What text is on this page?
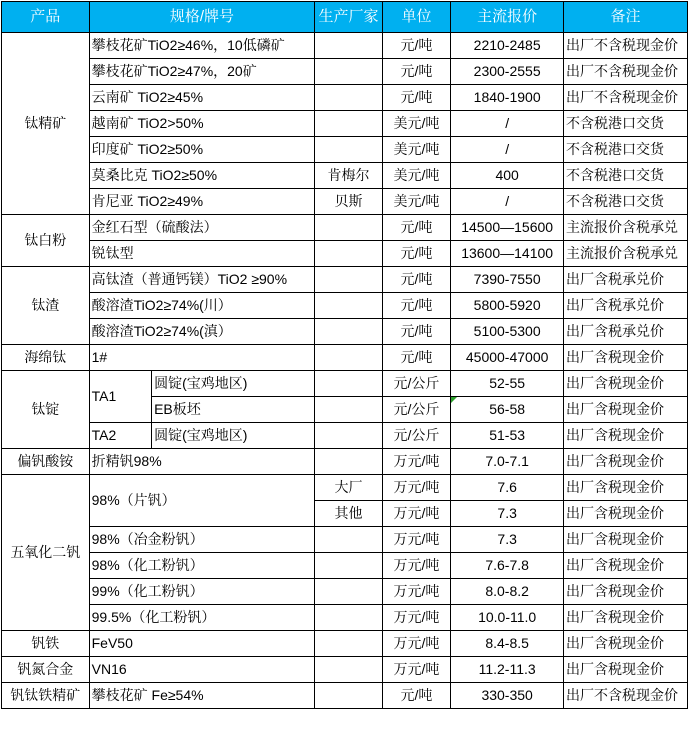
产品	规格/牌号		生产厂家	单位	主流报价	备注
钛精矿	攀枝花矿TiO2≥46%，10低磷矿			元/吨	2210-2485	出厂不含税现金价
	攀枝花矿TiO2≥47%，20矿			元/吨	2300-2555	出厂不含税现金价
	云南矿 TiO2≥45%			元/吨	1840-1900	出厂不含税现金价
	越南矿 TiO2>50%			美元/吨	/	不含税港口交货
	印度矿 TiO2≥50%			美元/吨	/	不含税港口交货
	莫桑比克 TiO2≥50%		肯梅尔	美元/吨	400	不含税港口交货
	肯尼亚 TiO2≥49%		贝斯	美元/吨	/	不含税港口交货
钛白粉	金红石型（硫酸法）			元/吨	14500—15600	主流报价含税承兑
	锐钛型			元/吨	13600—14100	主流报价含税承兑
钛渣	高钛渣（普通钙镁）TiO2 ≥90%			元/吨	7390-7550	出厂含税承兑价
	酸溶渣TiO2≥74%(川）			元/吨	5800-5920	出厂含税承兑价
	酸溶渣TiO2≥74%(滇）			元/吨	5100-5300	出厂含税承兑价
海绵钛	1#			元/吨	45000-47000	出厂含税现金价
钛锭	TA1	圆锭(宝鸡地区)		元/公斤	52-55	出厂含税现金价
		EB板坯		元/公斤	56-58	出厂含税现金价
	TA2	圆锭(宝鸡地区)		元/公斤	51-53	出厂含税现金价
偏钒酸铵	折精钒98%			万元/吨	7.0-7.1	出厂含税现金价
五氧化二钒	98%（片钒）		大厂	万元/吨	7.6	出厂含税现金价
			其他	万元/吨	7.3	出厂含税现金价
	98%（冶金粉钒）			万元/吨	7.3	出厂含税现金价
	98%（化工粉钒）			万元/吨	7.6-7.8	出厂含税现金价
	99%（化工粉钒）			万元/吨	8.0-8.2	出厂含税现金价
	99.5%（化工粉钒）			万元/吨	10.0-11.0	出厂含税现金价
钒铁	FeV50			万元/吨	8.4-8.5	出厂含税现金价
钒氮合金	VN16			万元/吨	11.2-11.3	出厂含税现金价
钒钛铁精矿	攀枝花矿 Fe≥54%			元/吨	330-350	出厂不含税现金价
